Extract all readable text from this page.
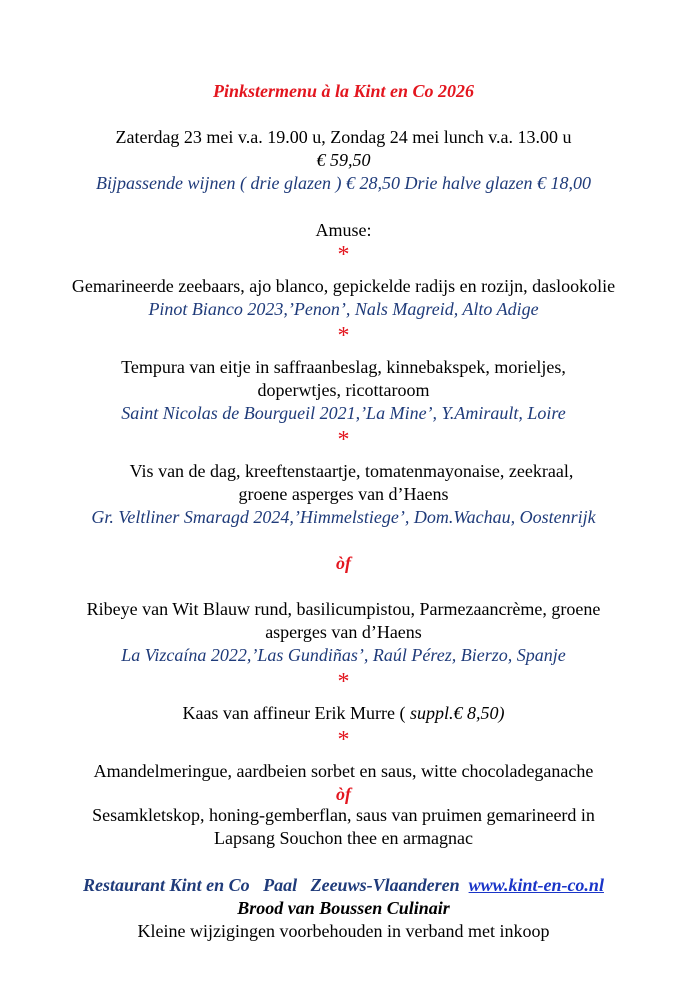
Pinkstermenu à la Kint en Co 2026
Zaterdag 23 mei v.a. 19.00 u, Zondag 24 mei lunch v.a. 13.00 u
€ 59,50
Bijpassende wijnen ( drie glazen ) € 28,50 Drie halve glazen € 18,00
Amuse:
*
Gemarineerde zeebaars, ajo blanco, gepickelde radijs en rozijn, daslookolie
Pinot Bianco 2023,’Penon’, Nals Magreid, Alto Adige
*
Tempura van eitje in saffraanbeslag, kinnebakspek, morieljes,
doperwtjes, ricottaroom
Saint Nicolas de Bourgueil 2021,’La Mine’, Y.Amirault, Loire
*
Vis van de dag, kreeftenstaartje, tomatenmayonaise, zeekraal,
groene asperges van d’Haens
Gr. Veltliner Smaragd 2024,’Himmelstiege’, Dom.Wachau, Oostenrijk
òf
Ribeye van Wit Blauw rund, basilicumpistou, Parmezaancrème, groene
asperges van d’Haens
La Vizcaína 2022,’Las Gundiñas’, Raúl Pérez, Bierzo, Spanje
*
Kaas van affineur Erik Murre ( suppl.€ 8,50)
*
Amandelmeringue, aardbeien sorbet en saus, witte chocoladeganache
òf
Sesamkletskop, honing-gemberflan, saus van pruimen gemarineerd in
Lapsang Souchon thee en armagnac
Restaurant Kint en Co   Paal   Zeeuws-Vlaanderen  www.kint-en-co.nl
Brood van Boussen Culinair
Kleine wijzigingen voorbehouden in verband met inkoop
